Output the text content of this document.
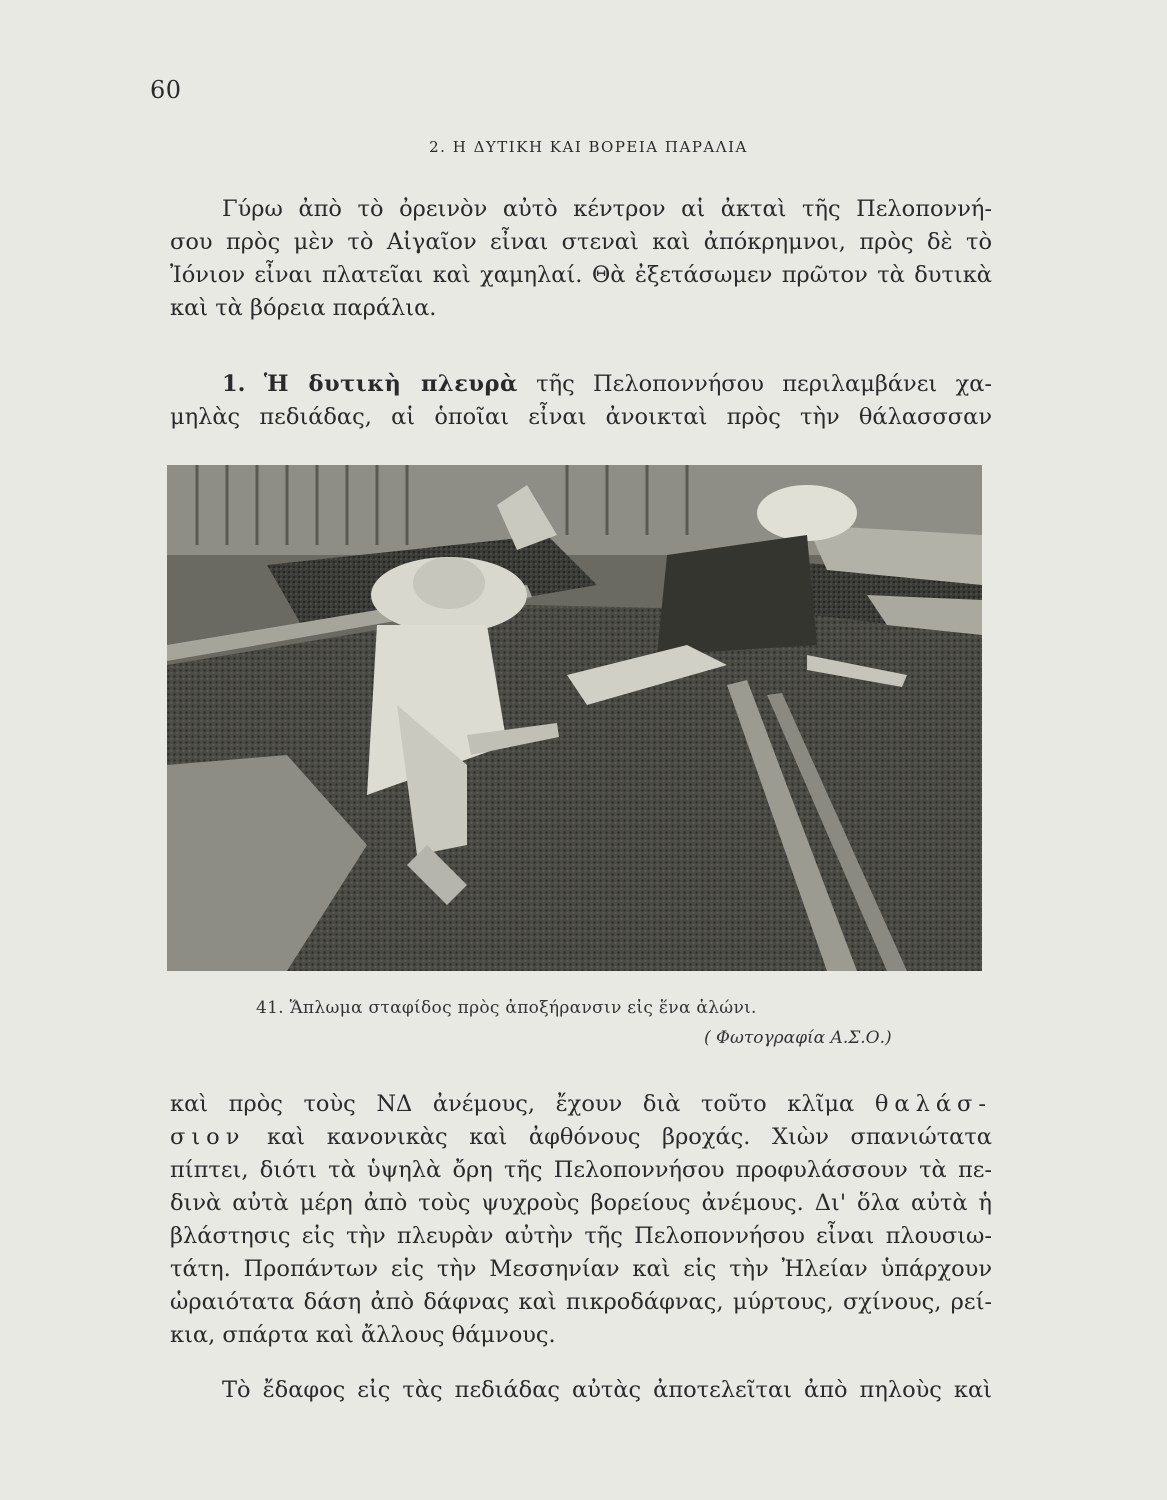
60
2. Η ΔΥΤΙΚΗ ΚΑΙ ΒΟΡΕΙΑ ΠΑΡΑΛΙΑ

Γύρω ἀπὸ τὸ ὀρεινὸν αὐτὸ κέντρον αἱ ἀκταὶ τῆς Πελοποννή-
σου πρὸς μὲν τὸ Αἰγαῖον εἶναι στεναὶ καὶ ἀπόκρημνοι, πρὸς δὲ τὸ
Ἰόνιον εἶναι πλατεῖαι καὶ χαμηλαί. Θὰ ἐξετάσωμεν πρῶτον τὰ δυτικὰ
καὶ τὰ βόρεια παράλια.

1. Ἡ δυτικὴ πλευρὰ τῆς Πελοποννήσου περιλαμβάνει χα-
μηλὰς πεδιάδας, αἱ ὁποῖαι εἶναι ἀνοικταὶ πρὸς τὴν θάλασσσαν

41. Ἅπλωμα σταφίδος πρὸς ἀποξήρανσιν εἰς ἕνα ἁλώνι.
( Φωτογραφία Α.Σ.Ο.)

καὶ πρὸς τοὺς ΝΔ ἀνέμους, ἔχουν διὰ τοῦτο κλῖμα θαλάσ-
σιον καὶ κανονικὰς καὶ ἀφθόνους βροχάς. Χιὼν σπανιώτατα
πίπτει, διότι τὰ ὑψηλὰ ὄρη τῆς Πελοποννήσου προφυλάσσουν τὰ πε-
δινὰ αὐτὰ μέρη ἀπὸ τοὺς ψυχροὺς βορείους ἀνέμους. Δι' ὅλα αὐτὰ ἡ
βλάστησις εἰς τὴν πλευρὰν αὐτὴν τῆς Πελοποννήσου εἶναι πλουσιω-
τάτη. Προπάντων εἰς τὴν Μεσσηνίαν καὶ εἰς τὴν Ἠλείαν ὑπάρχουν
ὡραιότατα δάση ἀπὸ δάφνας καὶ πικροδάφνας, μύρτους, σχίνους, ρεί-
κια, σπάρτα καὶ ἄλλους θάμνους.

Τὸ ἔδαφος εἰς τὰς πεδιάδας αὐτὰς ἀποτελεῖται ἀπὸ πηλοὺς καὶ
